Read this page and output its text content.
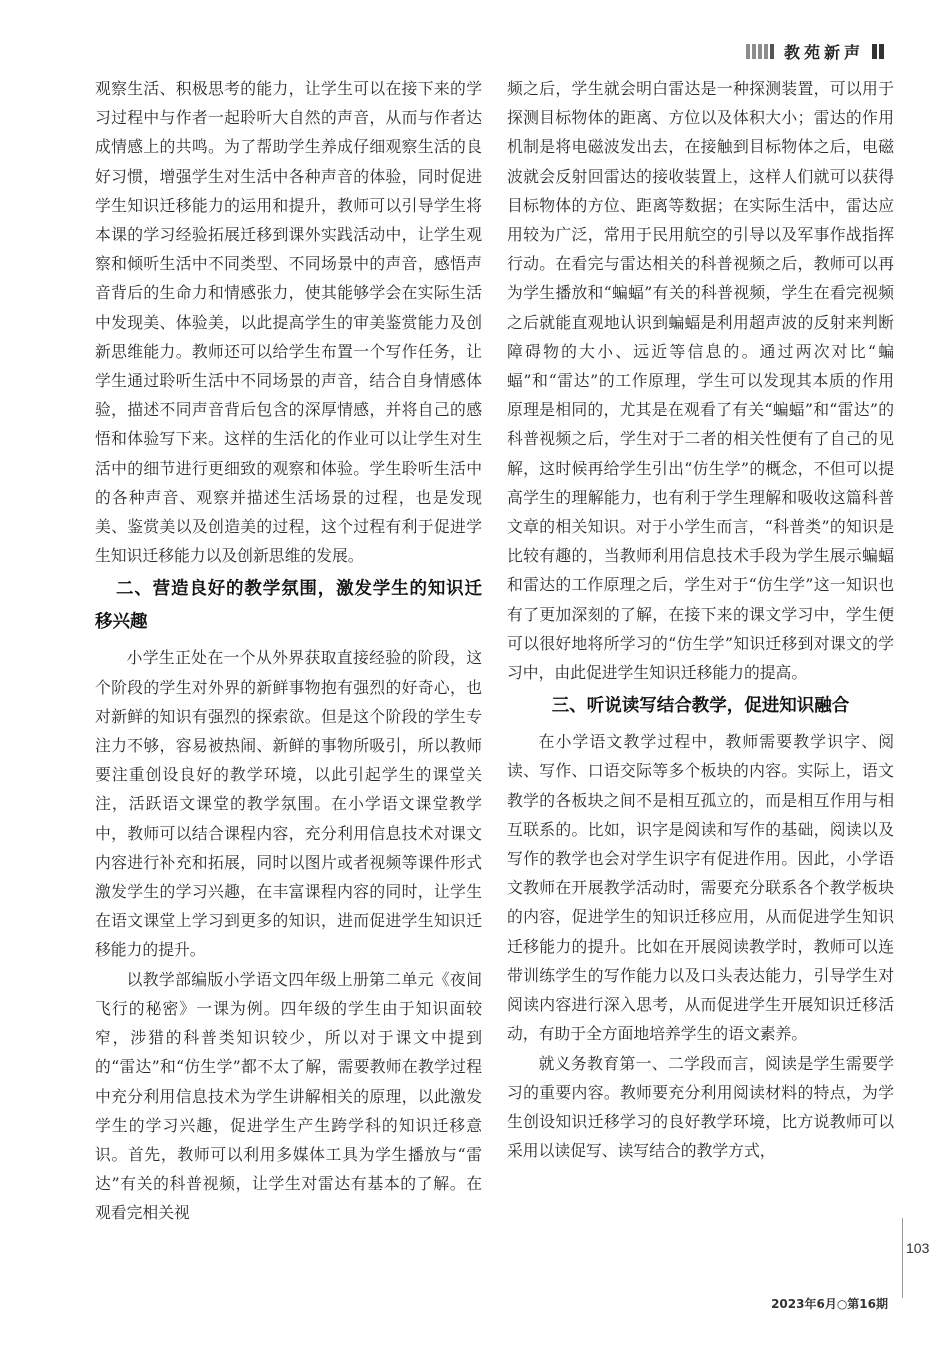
教苑新声

观察生活、积极思考的能力，让学生可以在接下来的学习过程中与作者一起聆听大自然的声音，从而与作者达成情感上的共鸣。为了帮助学生养成仔细观察生活的良好习惯，增强学生对生活中各种声音的体验，同时促进学生知识迁移能力的运用和提升，教师可以引导学生将本课的学习经验拓展迁移到课外实践活动中，让学生观察和倾听生活中不同类型、不同场景中的声音，感悟声音背后的生命力和情感张力，使其能够学会在实际生活中发现美、体验美，以此提高学生的审美鉴赏能力及创新思维能力。教师还可以给学生布置一个写作任务，让学生通过聆听生活中不同场景的声音，结合自身情感体验，描述不同声音背后包含的深厚情感，并将自己的感悟和体验写下来。这样的生活化的作业可以让学生对生活中的细节进行更细致的观察和体验。学生聆听生活中的各种声音、观察并描述生活场景的过程，也是发现美、鉴赏美以及创造美的过程，这个过程有利于促进学生知识迁移能力以及创新思维的发展。

二、营造良好的教学氛围，激发学生的知识迁移兴趣

小学生正处在一个从外界获取直接经验的阶段，这个阶段的学生对外界的新鲜事物抱有强烈的好奇心，也对新鲜的知识有强烈的探索欲。但是这个阶段的学生专注力不够，容易被热闹、新鲜的事物所吸引，所以教师要注重创设良好的教学环境，以此引起学生的课堂关注，活跃语文课堂的教学氛围。在小学语文课堂教学中，教师可以结合课程内容，充分利用信息技术对课文内容进行补充和拓展，同时以图片或者视频等课件形式激发学生的学习兴趣，在丰富课程内容的同时，让学生在语文课堂上学习到更多的知识，进而促进学生知识迁移能力的提升。

以教学部编版小学语文四年级上册第二单元《夜间飞行的秘密》一课为例。四年级的学生由于知识面较窄，涉猎的科普类知识较少，所以对于课文中提到的“雷达”和“仿生学”都不太了解，需要教师在教学过程中充分利用信息技术为学生讲解相关的原理，以此激发学生的学习兴趣，促进学生产生跨学科的知识迁移意识。首先，教师可以利用多媒体工具为学生播放与“雷达”有关的科普视频，让学生对雷达有基本的了解。在观看完相关视

频之后，学生就会明白雷达是一种探测装置，可以用于探测目标物体的距离、方位以及体积大小；雷达的作用机制是将电磁波发出去，在接触到目标物体之后，电磁波就会反射回雷达的接收装置上，这样人们就可以获得目标物体的方位、距离等数据；在实际生活中，雷达应用较为广泛，常用于民用航空的引导以及军事作战指挥行动。在看完与雷达相关的科普视频之后，教师可以再为学生播放和“蝙蝠”有关的科普视频，学生在看完视频之后就能直观地认识到蝙蝠是利用超声波的反射来判断障碍物的大小、远近等信息的。通过两次对比“蝙蝠”和“雷达”的工作原理，学生可以发现其本质的作用原理是相同的，尤其是在观看了有关“蝙蝠”和“雷达”的科普视频之后，学生对于二者的相关性便有了自己的见解，这时候再给学生引出“仿生学”的概念，不但可以提高学生的理解能力，也有利于学生理解和吸收这篇科普文章的相关知识。对于小学生而言，“科普类”的知识是比较有趣的，当教师利用信息技术手段为学生展示蝙蝠和雷达的工作原理之后，学生对于“仿生学”这一知识也有了更加深刻的了解，在接下来的课文学习中，学生便可以很好地将所学习的“仿生学”知识迁移到对课文的学习中，由此促进学生知识迁移能力的提高。

三、听说读写结合教学，促进知识融合

在小学语文教学过程中，教师需要教学识字、阅读、写作、口语交际等多个板块的内容。实际上，语文教学的各板块之间不是相互孤立的，而是相互作用与相互联系的。比如，识字是阅读和写作的基础，阅读以及写作的教学也会对学生识字有促进作用。因此，小学语文教师在开展教学活动时，需要充分联系各个教学板块的内容，促进学生的知识迁移应用，从而促进学生知识迁移能力的提升。比如在开展阅读教学时，教师可以连带训练学生的写作能力以及口头表达能力，引导学生对阅读内容进行深入思考，从而促进学生开展知识迁移活动，有助于全方面地培养学生的语文素养。

就义务教育第一、二学段而言，阅读是学生需要学习的重要内容。教师要充分利用阅读材料的特点，为学生创设知识迁移学习的良好教学环境，比方说教师可以采用以读促写、读写结合的教学方式，

103
2023年6月○第16期
